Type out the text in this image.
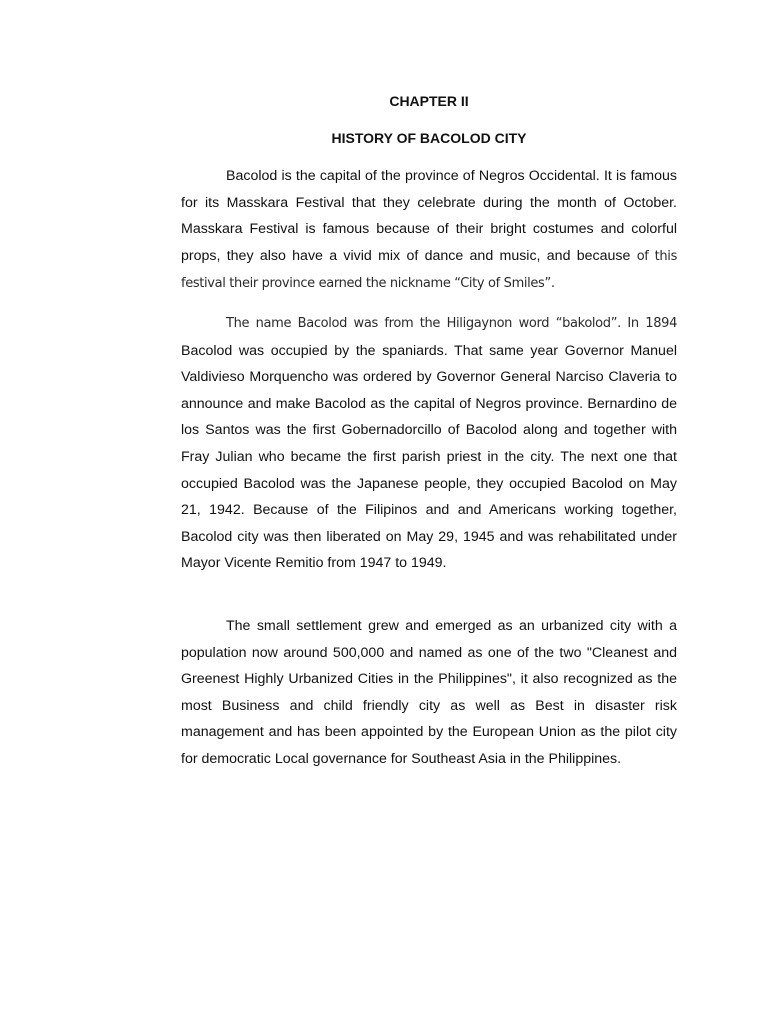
CHAPTER II
HISTORY OF BACOLOD CITY
Bacolod is the capital of the province of Negros Occidental. It is famous for its Masskara Festival that they celebrate during the month of October. Masskara Festival is famous because of their bright costumes and colorful props, they also have a vivid mix of dance and music, and because of this festival their province earned the nickname “City of Smiles”.
The name Bacolod was from the Hiligaynon word “bakolod”. In 1894 Bacolod was occupied by the spaniards. That same year Governor Manuel Valdivieso Morquencho was ordered by Governor General Narciso Claveria to announce and make Bacolod as the capital of Negros province. Bernardino de los Santos was the first Gobernadorcillo of Bacolod along and together with Fray Julian who became the first parish priest in the city. The next one that occupied Bacolod was the Japanese people, they occupied Bacolod on May 21, 1942. Because of the Filipinos and and Americans working together, Bacolod city was then liberated on May 29, 1945 and was rehabilitated under Mayor Vicente Remitio from 1947 to 1949.
The small settlement grew and emerged as an urbanized city with a population now around 500,000 and named as one of the two "Cleanest and Greenest Highly Urbanized Cities in the Philippines", it also recognized as the most Business and child friendly city as well as Best in disaster risk management and has been appointed by the European Union as the pilot city for democratic Local governance for Southeast Asia in the Philippines.
